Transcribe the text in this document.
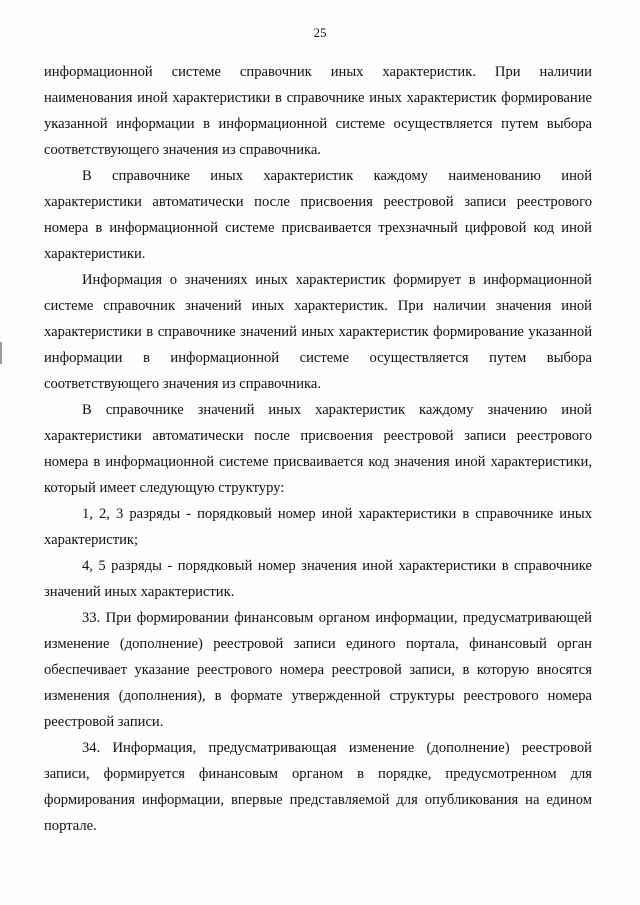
25

информационной системе справочник иных характеристик. При наличии наименования иной характеристики в справочнике иных характеристик формирование указанной информации в информационной системе осуществляется путем выбора соответствующего значения из справочника.

В справочнике иных характеристик каждому наименованию иной характеристики автоматически после присвоения реестровой записи реестрового номера в информационной системе присваивается трехзначный цифровой код иной характеристики.

Информация о значениях иных характеристик формирует в информационной системе справочник значений иных характеристик. При наличии значения иной характеристики в справочнике значений иных характеристик формирование указанной информации в информационной системе осуществляется путем выбора соответствующего значения из справочника.

В справочнике значений иных характеристик каждому значению иной характеристики автоматически после присвоения реестровой записи реестрового номера в информационной системе присваивается код значения иной характеристики, который имеет следующую структуру:

1, 2, 3 разряды - порядковый номер иной характеристики в справочнике иных характеристик;

4, 5 разряды - порядковый номер значения иной характеристики в справочнике значений иных характеристик.

33. При формировании финансовым органом информации, предусматривающей изменение (дополнение) реестровой записи единого портала, финансовый орган обеспечивает указание реестрового номера реестровой записи, в которую вносятся изменения (дополнения), в формате утвержденной структуры реестрового номера реестровой записи.

34. Информация, предусматривающая изменение (дополнение) реестровой записи, формируется финансовым органом в порядке, предусмотренном для формирования информации, впервые представляемой для опубликования на едином портале.
